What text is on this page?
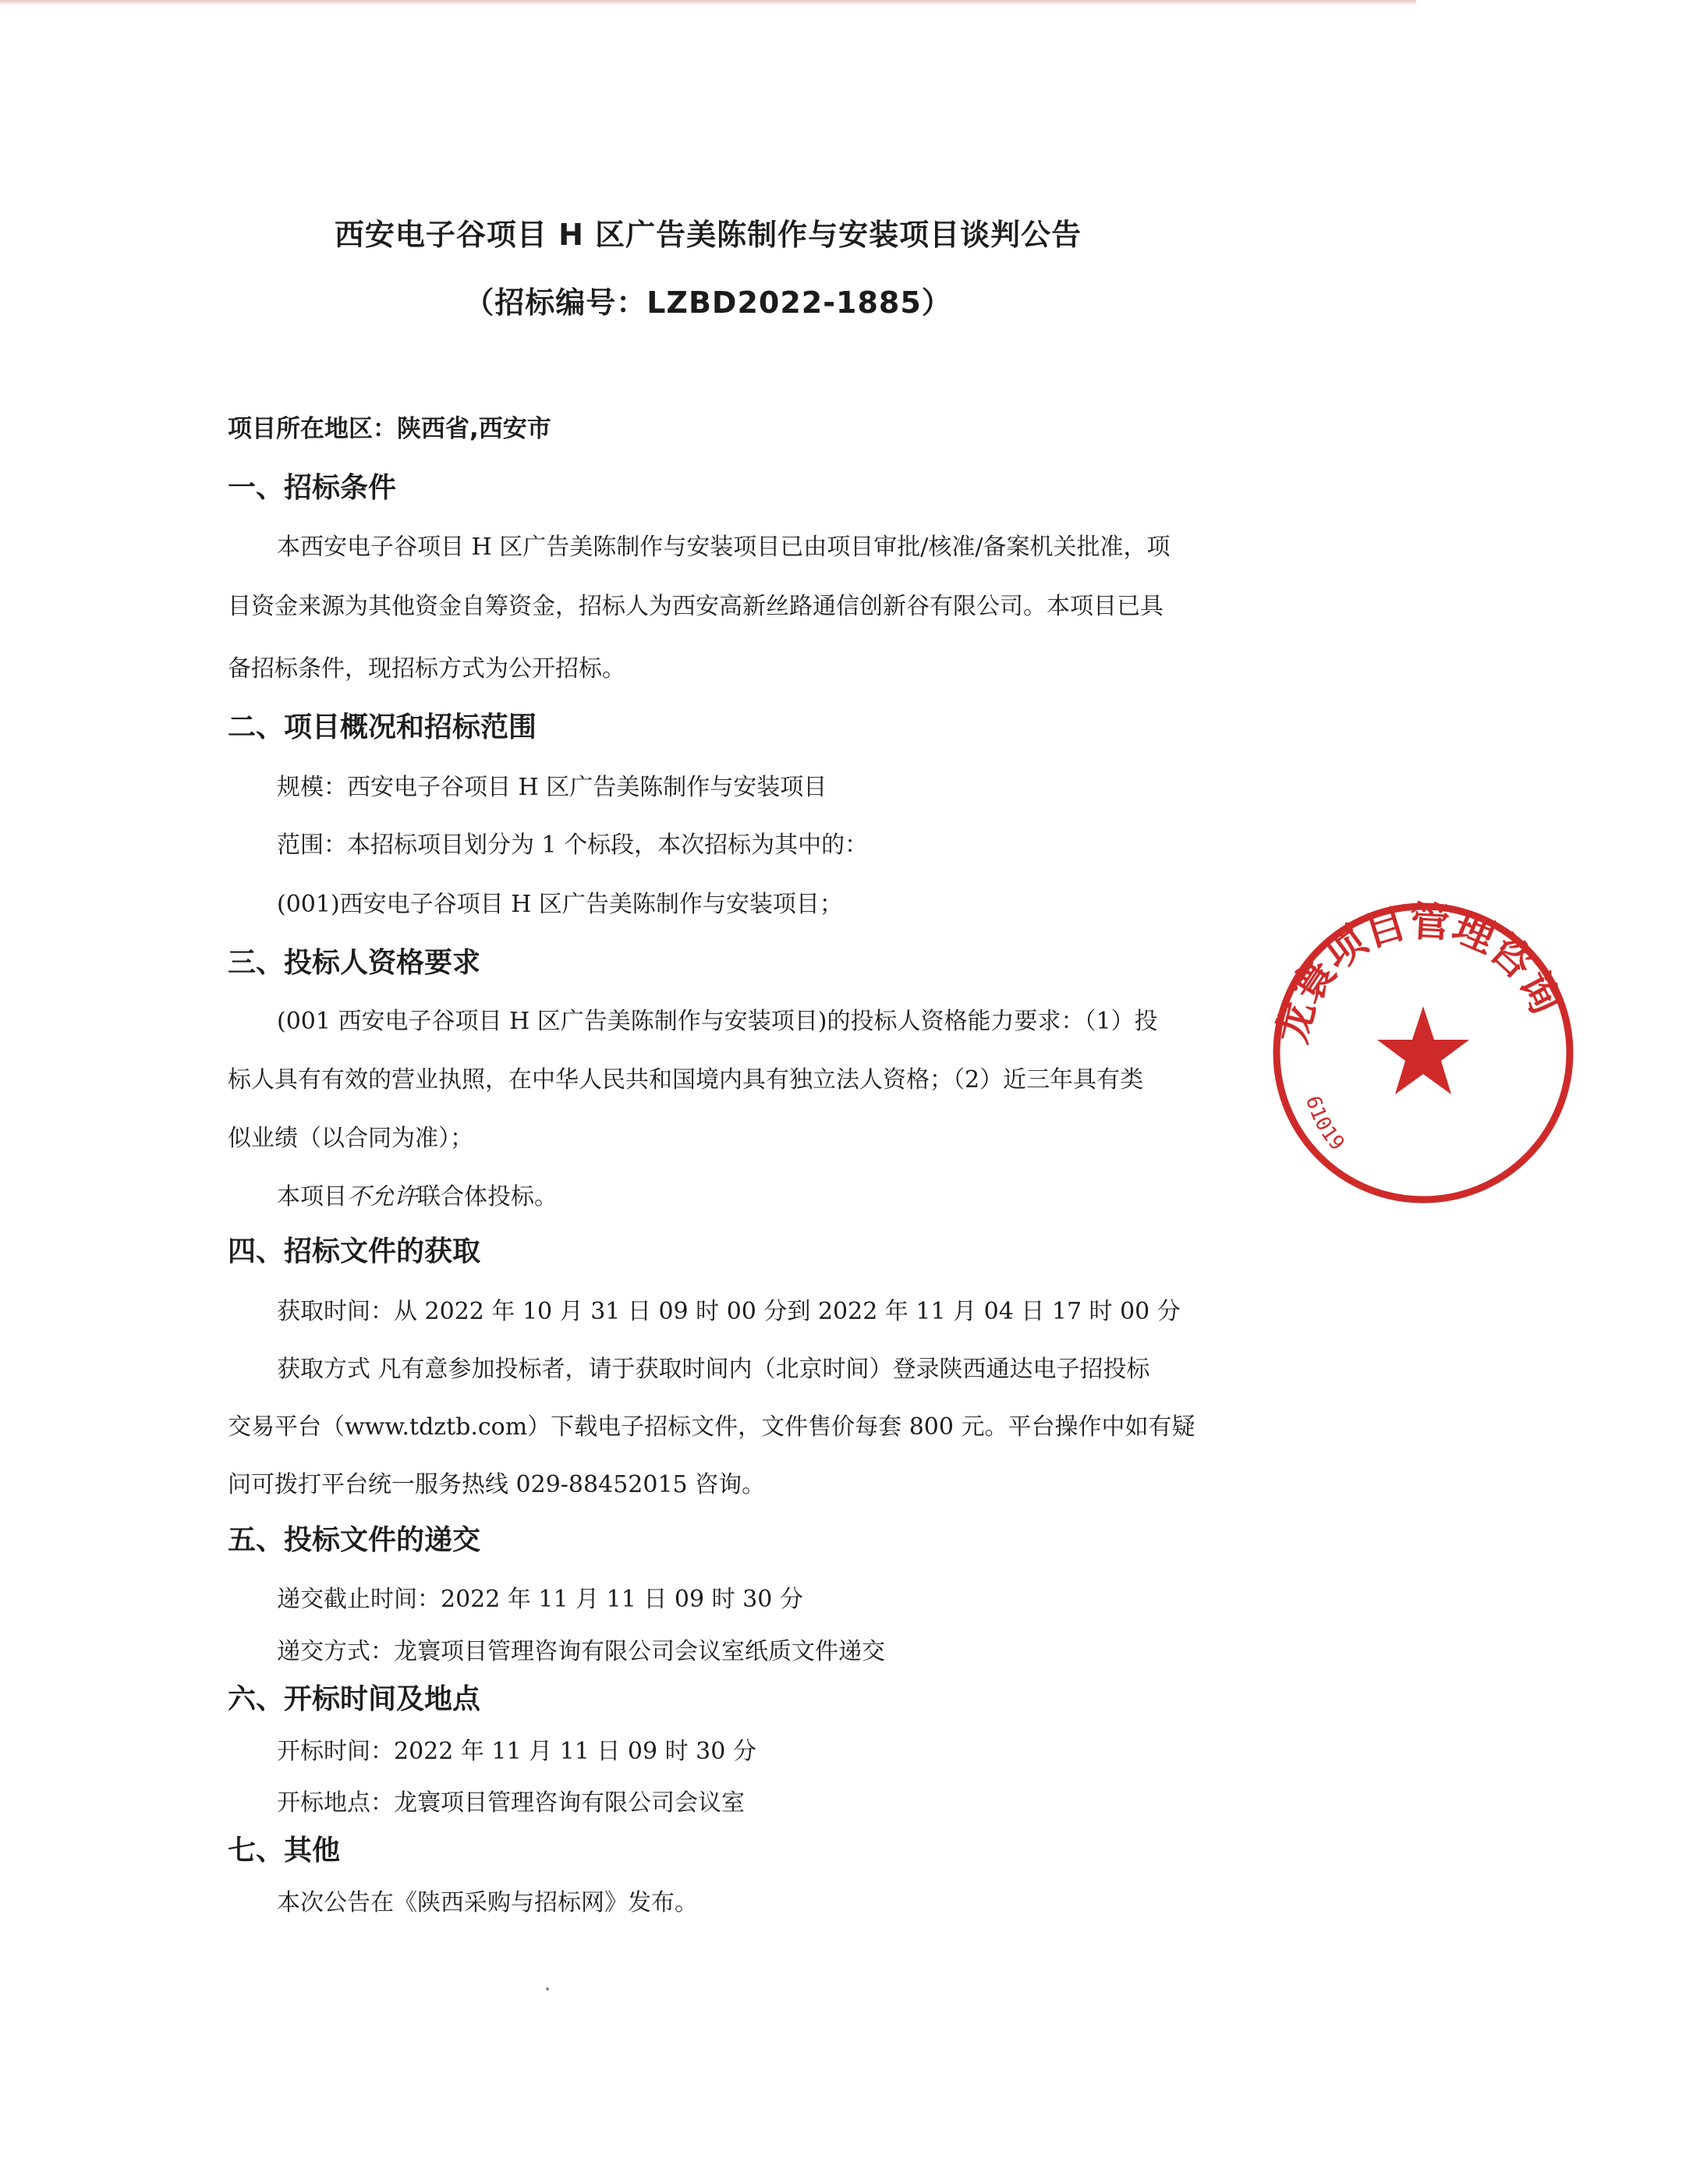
西安电子谷项目 H 区广告美陈制作与安装项目谈判公告
（招标编号：LZBD2022-1885）

项目所在地区：陕西省,西安市

一、招标条件

本西安电子谷项目 H 区广告美陈制作与安装项目已由项目审批/核准/备案机关批准，项

目资金来源为其他资金自筹资金，招标人为西安高新丝路通信创新谷有限公司。本项目已具

备招标条件，现招标方式为公开招标。

二、项目概况和招标范围

规模：西安电子谷项目 H 区广告美陈制作与安装项目

范围：本招标项目划分为 1 个标段，本次招标为其中的：

(001)西安电子谷项目 H 区广告美陈制作与安装项目；

三、投标人资格要求

(001 西安电子谷项目 H 区广告美陈制作与安装项目)的投标人资格能力要求：（1）投

标人具有有效的营业执照，在中华人民共和国境内具有独立法人资格；（2）近三年具有类

似业绩（以合同为准）；

本项目不允许联合体投标。

四、招标文件的获取

获取时间：从 2022 年 10 月 31 日 09 时 00 分到 2022 年 11 月 04 日 17 时 00 分

获取方式 凡有意参加投标者，请于获取时间内（北京时间）登录陕西通达电子招投标

交易平台（www.tdztb.com）下载电子招标文件，文件售价每套 800 元。平台操作中如有疑

问可拨打平台统一服务热线 029-88452015 咨询。

五、投标文件的递交

递交截止时间：2022 年 11 月 11 日 09 时 30 分

递交方式：龙寰项目管理咨询有限公司会议室纸质文件递交

六、开标时间及地点

开标时间：2022 年 11 月 11 日 09 时 30 分

开标地点：龙寰项目管理咨询有限公司会议室

七、其他

本次公告在《陕西采购与招标网》发布。

龙寰项目管理咨询
61019
